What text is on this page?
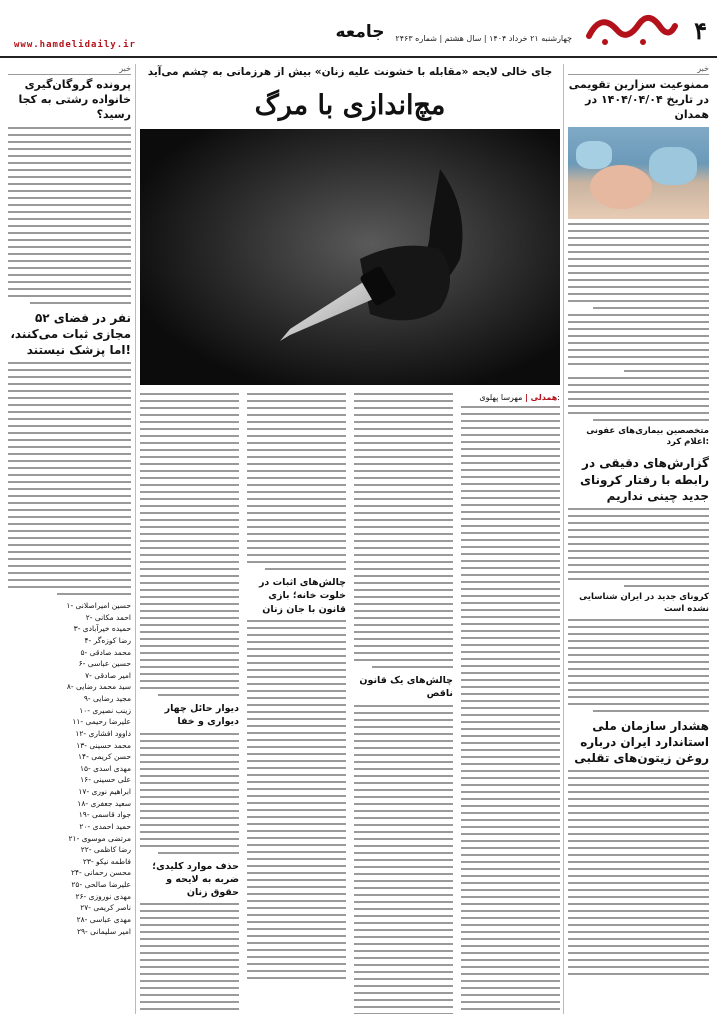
۴
چهارشنبه ۲۱ خرداد ۱۴۰۴ | سال هشتم | شماره ۲۴۶۳
جامعه
www.hamdelidaily.ir
خبر
ممنوعیت سزارین تقویمی در تاریخ ۱۴۰۴/۰۴/۰۴ در همدان
متخصصین بیماری‌های عفونی اعلام کرد:
گزارش‌های دقیقی در رابطه با رفتار کرونای جدید چینی نداریم
کرونای جدید در ایران شناسایی نشده است
هشدار سازمان ملی استاندارد ایران درباره روغن زیتون‌های تقلبی
جای خالی لایحه «مقابله با خشونت علیه زنان» بیش از هرزمانی به چشم می‌آید
مچ‌اندازی با مرگ
همدلی | مهرسا پهلوی:
چالش‌های یک قانون ناقص
چالش‌های اثبات در خلوت خانه؛ بازی قانون با جان زنان
دیوار حائل چهار دیواری و خفا
حذف موارد کلیدی؛ ضربه به لایحه و حقوق زنان
خبر
پرونده گروگان‌گیری خانواده رشتی به کجا رسید؟
۵۲ نفر در فضای مجازی ثبات می‌کنند، اما پزشک نیستند!
۱- حسین امیراصلانی
۲- احمد مکانی
۳- حمیده خیرآبادی
۴- رضا کوزه‌گر
۵- محمد صادقی
۶- حسین عباسی
۷- امیر صادقی
۸- سید محمد رضایی
۹- مجید رضایی
۱۰- زینب نصیری
۱۱- علیرضا رحیمی
۱۲- داوود افشاری
۱۳- محمد حسینی
۱۴- حسن کریمی
۱۵- مهدی اسدی
۱۶- علی حسینی
۱۷- ابراهیم نوری
۱۸- سعید جعفری
۱۹- جواد قاسمی
۲۰- حمید احمدی
۲۱- مرتضی موسوی
۲۲- رضا کاظمی
۲۳- فاطمه نیکو
۲۴- محسن رحمانی
۲۵- علیرضا صالحی
۲۶- مهدی نوروزی
۲۷- ناصر کریمی
۲۸- مهدی عباسی
۲۹- امیر سلیمانی
